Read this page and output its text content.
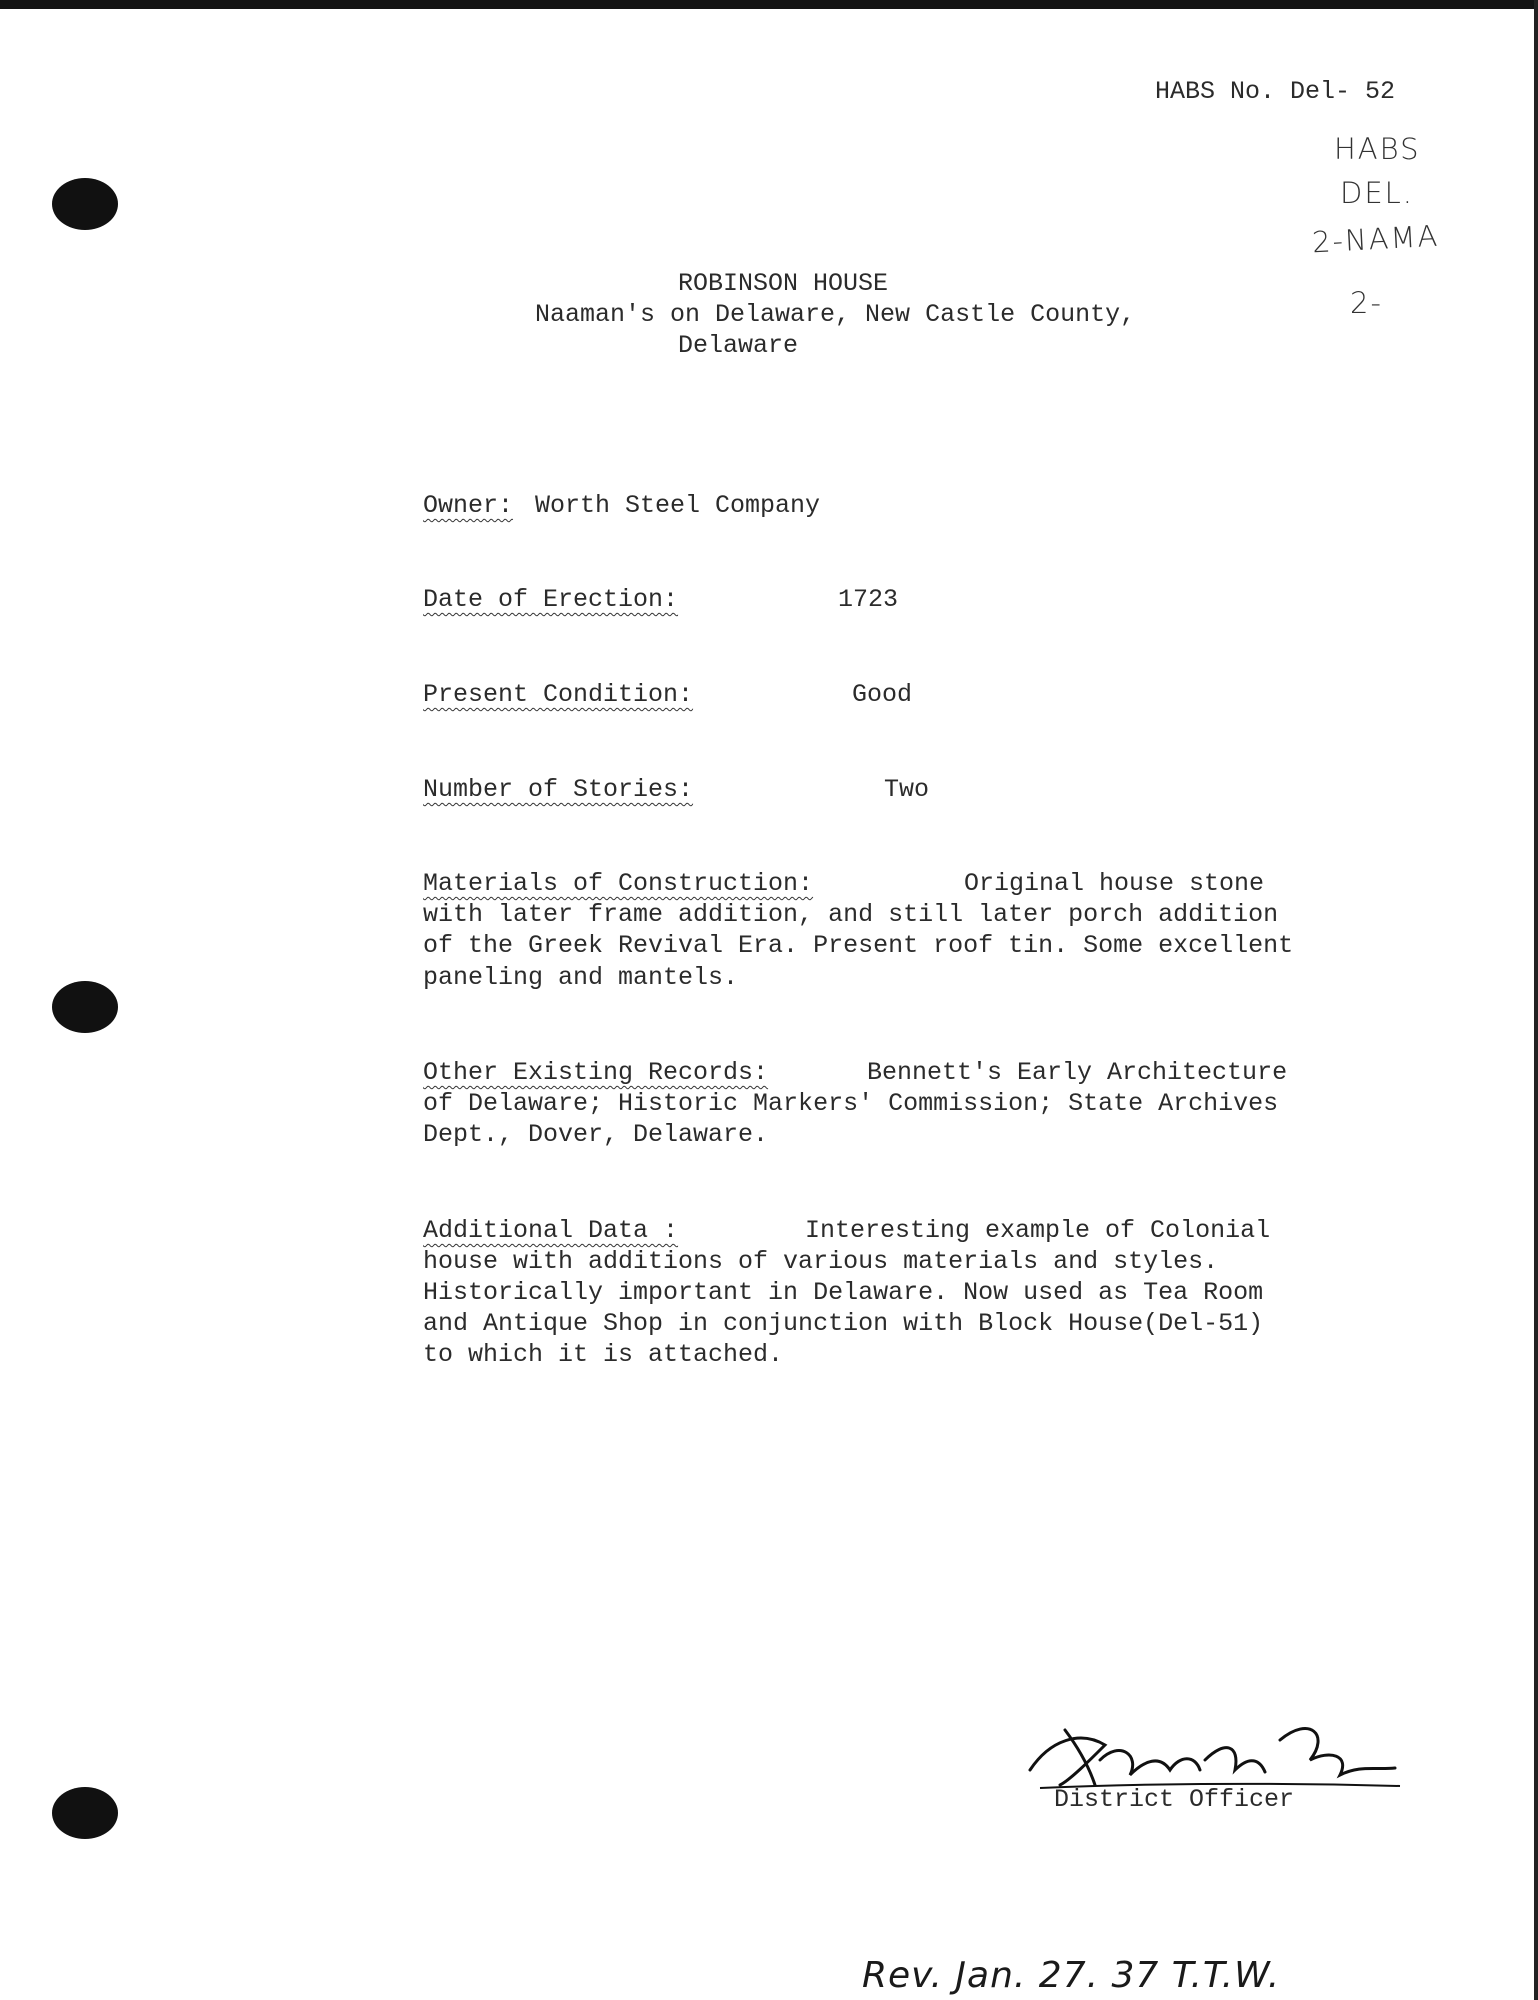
HABS No. Del- 52
HABS
DEL.
2-NAMA
2-
ROBINSON HOUSE
Naaman's on Delaware, New Castle County,
Delaware
Owner: Worth Steel Company
Date of Erection:	1723
Present Condition:	Good
Number of Stories:	Two
Materials of Construction:	Original house stone
with later frame addition, and still later porch addition
of the Greek Revival Era. Present roof tin. Some excellent
paneling and mantels.
Other Existing Records:	Bennett's Early Architecture
of Delaware; Historic Markers' Commission; State Archives
Dept., Dover, Delaware.
Additional Data :	Interesting example of Colonial
house with additions of various materials and styles.
Historically important in Delaware. Now used as Tea Room
and Antique Shop in conjunction with Block House(Del-51)
to which it is attached.
District Officer
Rev. Jan. 27. 37 T.T.W.
